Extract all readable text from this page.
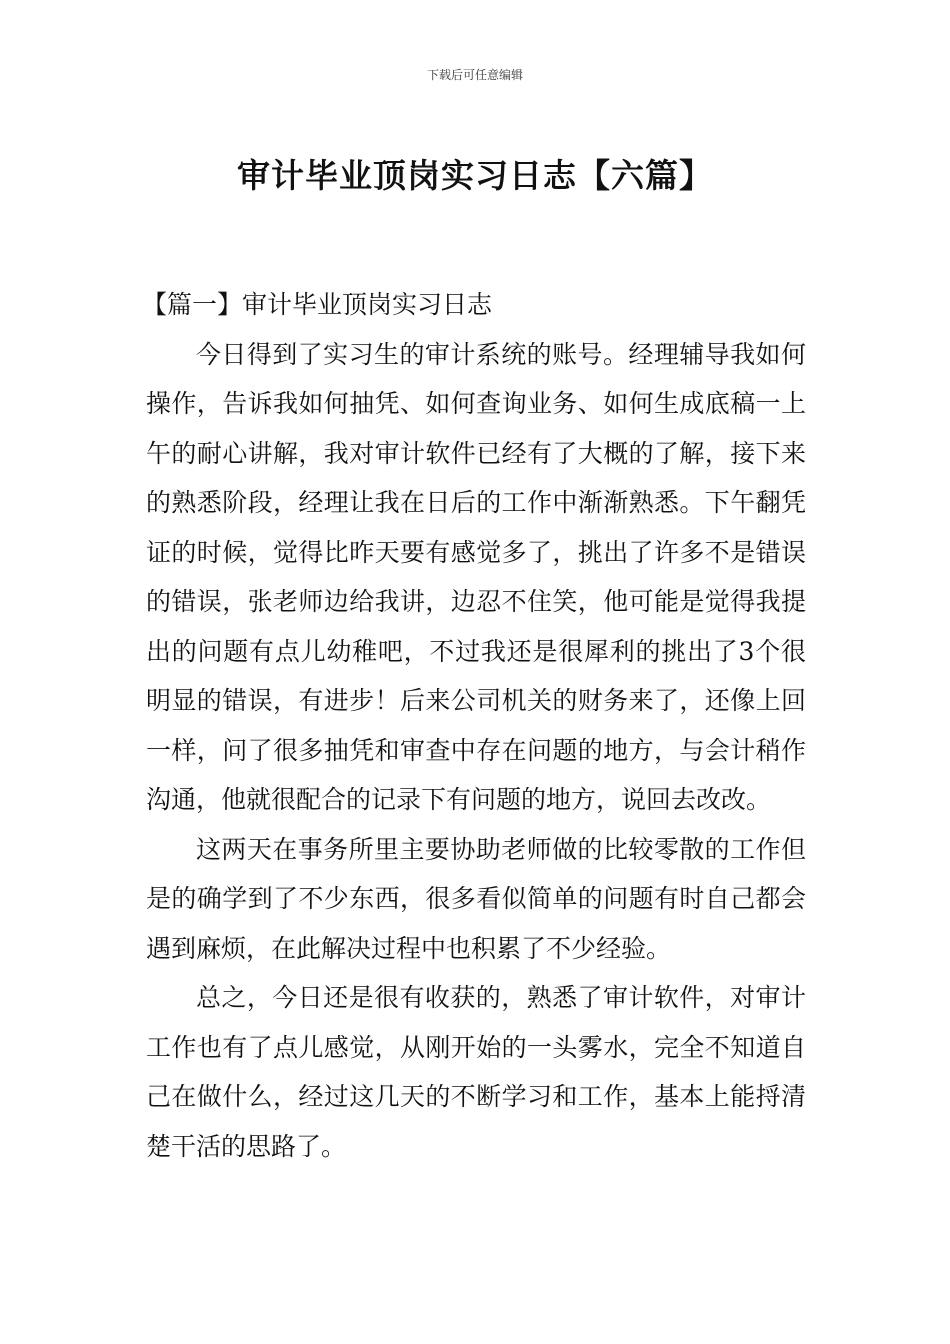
下载后可任意编辑
审计毕业顶岗实习日志【六篇】

【篇一】审计毕业顶岗实习日志

今日得到了实习生的审计系统的账号。经理辅导我如何操作，告诉我如何抽凭、如何查询业务、如何生成底稿一上午的耐心讲解，我对审计软件已经有了大概的了解，接下来的熟悉阶段，经理让我在日后的工作中渐渐熟悉。下午翻凭证的时候，觉得比昨天要有感觉多了，挑出了许多不是错误的错误，张老师边给我讲，边忍不住笑，他可能是觉得我提出的问题有点儿幼稚吧，不过我还是很犀利的挑出了3个很明显的错误，有进步！后来公司机关的财务来了，还像上回一样，问了很多抽凭和审查中存在问题的地方，与会计稍作沟通，他就很配合的记录下有问题的地方，说回去改改。

这两天在事务所里主要协助老师做的比较零散的工作但是的确学到了不少东西，很多看似简单的问题有时自己都会遇到麻烦，在此解决过程中也积累了不少经验。

总之，今日还是很有收获的，熟悉了审计软件，对审计工作也有了点儿感觉，从刚开始的一头雾水，完全不知道自己在做什么，经过这几天的不断学习和工作，基本上能捋清楚干活的思路了。
